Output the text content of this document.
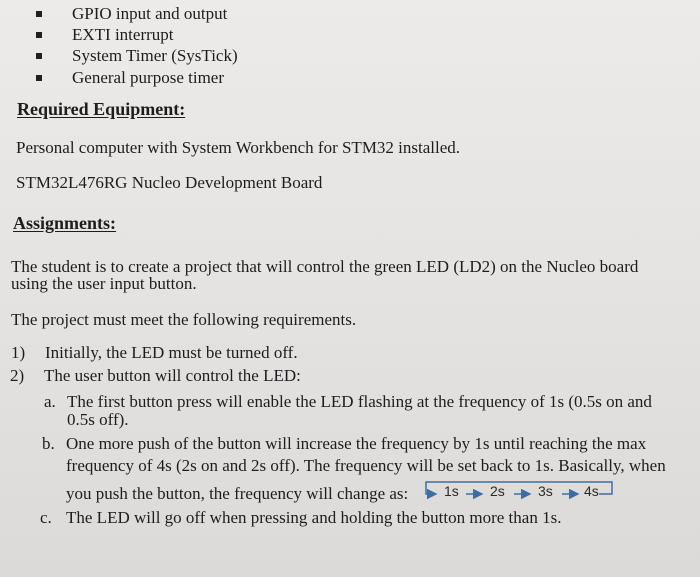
GPIO input and output
EXTI interrupt
System Timer (SysTick)
General purpose timer
Required Equipment:
Personal computer with System Workbench for STM32 installed.
STM32L476RG Nucleo Development Board
Assignments:
The student is to create a project that will control the green LED (LD2) on the Nucleo board
using the user input button.
The project must meet the following requirements.
1) Initially, the LED must be turned off.
2) The user button will control the LED:
a. The first button press will enable the LED flashing at the frequency of 1s (0.5s on and
0.5s off).
b. One more push of the button will increase the frequency by 1s until reaching the max
frequency of 4s (2s on and 2s off). The frequency will be set back to 1s. Basically, when
you push the button, the frequency will change as:	1s 2s 3s 4s
c. The LED will go off when pressing and holding the button more than 1s.
